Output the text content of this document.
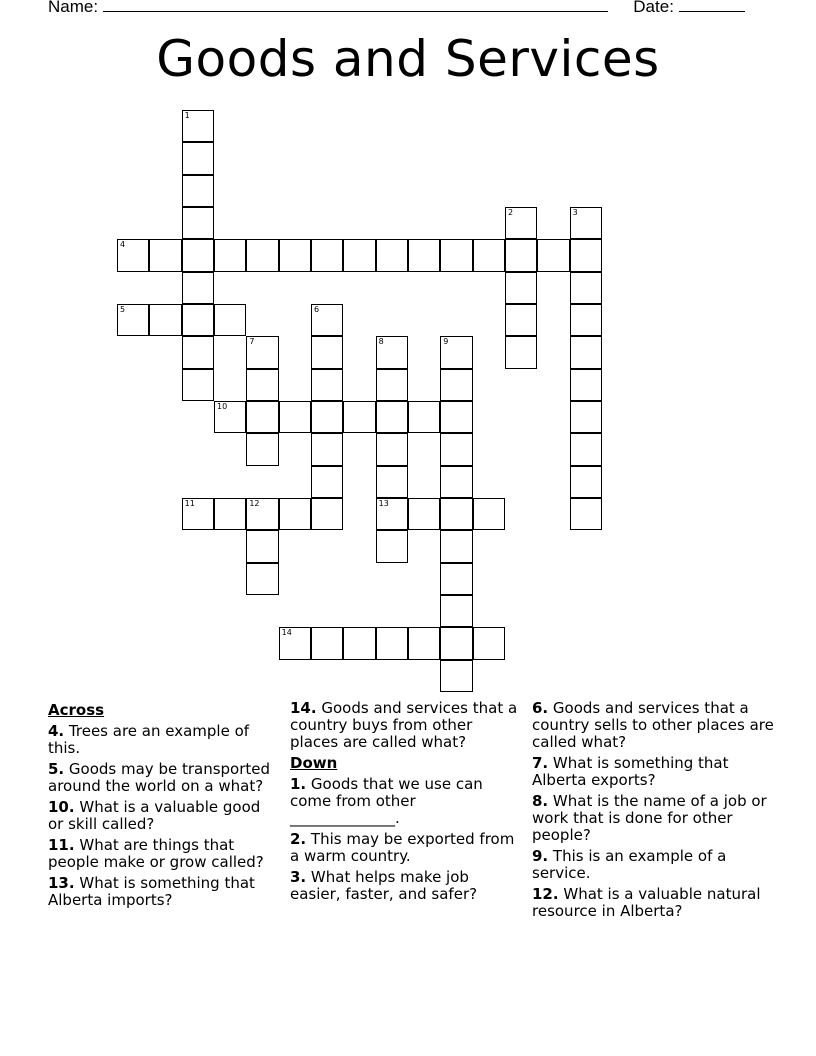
Name:	Date:
Goods and Services
1
2	3
4
5	6
7	8
13
9
10
11	12
14
Across
4. Trees are an example of this.
5. Goods may be transported around the world on a what?
10. What is a valuable good or skill called?
11. What are things that people make or grow called?
13. What is something that Alberta imports?
14. Goods and services that a country buys from other places are called what?
Down
1. Goods that we use can come from other ______________.
2. This may be exported from a warm country.
3. What helps make job easier, faster, and safer?
6. Goods and services that a country sells to other places are called what?
7. What is something that Alberta exports?
8. What is the name of a job or work that is done for other people?
9. This is an example of a service.
12. What is a valuable natural resource in Alberta?
